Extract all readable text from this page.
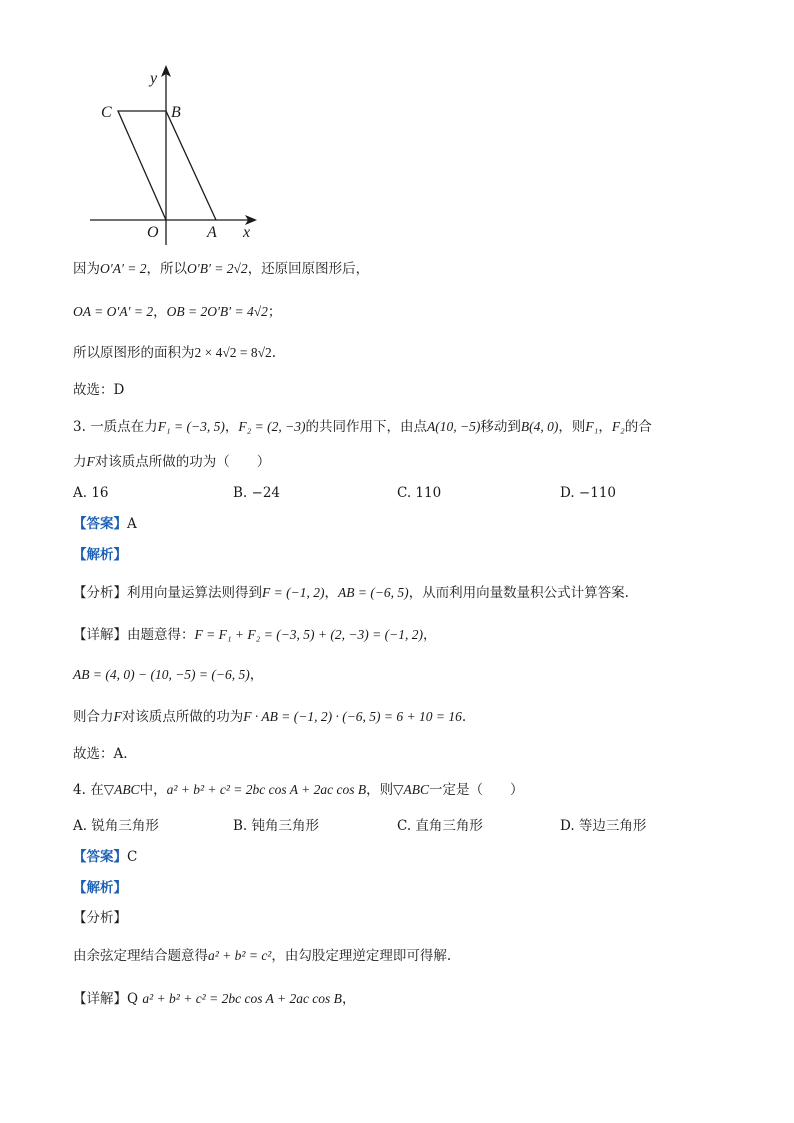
y
C	B
O	A x
因为O′A′ = 2，所以O′B′ = 2√2，还原回原图形后，
OA = O′A′ = 2，OB = 2O′B′ = 4√2；
所以原图形的面积为2 × 4√2 = 8√2.
故选：D
3. 一质点在力F₁ = (−3, 5)，F₂ = (2, −3)的共同作用下，由点A(10, −5)移动到B(4, 0)，则F₁，F₂的合
力F对该质点所做的功为（　　）
A. 16	B. −24	C. 110	D. −110
【答案】A
【解析】
【分析】利用向量运算法则得到F = (−1, 2)，AB = (−6, 5)，从而利用向量数量积公式计算答案.
【详解】由题意得：F = F₁ + F₂ = (−3, 5) + (2, −3) = (−1, 2)，
AB = (4, 0) − (10, −5) = (−6, 5)，
则合力F对该质点所做的功为F · AB = (−1, 2) · (−6, 5) = 6 + 10 = 16.
故选：A.
4. 在▽ABC中，a² + b² + c² = 2bc cos A + 2ac cos B，则▽ABC一定是（　　）
A. 锐角三角形	B. 钝角三角形	C. 直角三角形	D. 等边三角形
【答案】C
【解析】
【分析】
由余弦定理结合题意得a² + b² = c²，由勾股定理逆定理即可得解.
【详解】Q a² + b² + c² = 2bc cos A + 2ac cos B，
